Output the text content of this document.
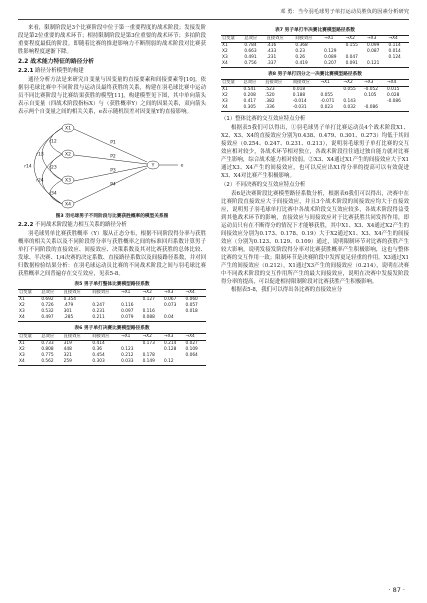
邓 勇：当今羽毛球男子单打运动员胜负的因素分析研究

来看，限制阶段是3个比赛阶段中位于第一重要程度的战术阶段；发接发阶段是第2位重要的战术环节；相持限制阶段是第3位重要的战术环节；多拍阶段重要程度最低的阶段。即随着比赛的推进影响力不断削弱的战术阶段对比赛获胜影响程度逐渐下降。

2.2 战术能力特征的路径分析
2.2.1 路径分析模型的构建

通径分析方法是来研究自变量与因变量的直接要素和间接要素等[10]。依据羽毛球比赛中不同阶段与运动员最终获胜的关系，构建在羽毛球比赛中运动员不同比赛阶段与比赛结果获胜的模型[11]，构建模型见下图，其中单向箭头表示自变量（四战术阶段指标X）与（获胜概率Y）之间的因果关系，双向箭头表示两个自变量之间的相关关系，e表示随机误差对因变量Y的直接影响。

X1
X2
X3
X4
Y
P1
P2
P3
P4
r12
r23
r34
r13
r24
r14	e
图3 羽毛球男子不同阶段与比赛获胜概率的模型关系图
2.2.2 不同战术阶段能力相互关系的路径分析

羽毛球男单比赛获胜概率（Y）服从正态分布，根据不同阶段得分率与获胜概率的相关关系以及不同阶段得分率与获胜概率之间的标准回归系数计算男子单打不同阶段的直接效应、间接效应、决策系数及其对比赛获胜的总体比较、发球、半决赛、1/4决赛的决定系数、直接路径系数以及间接路径系数，并对回归数据检验结果分析：在羽毛球运动员比赛的不同战术阶段之间与羽毛球比赛获胜概率之间普遍存在交互效应，见表5-8。

表5 男子单打整体比赛模型路径系数
自变量	总效应	直接效应	间接效应	→X1	→X2	→X3	→X4
X1	0.692	0.354			0.127	0.067	0.060
X2	0.726	.479	0.247	0.116		0.073	0.057
X3	0.532	301	0.231	0.097	0.116		0.018
X4	0.497	.285	0.211	0.079	0.088	0.04	
表6 男子单打决赛比赛模型路径系数
自变量	总效应	直接效应	间接效应	→X1	→X2	→X3	→X4
X1	0.733	319	0.414		0.173	0.214	0.027
X2	0.808	448	0.36	0.123		0.128	0.109
X3	0.775	321	0.454	0.212	0.178		0.064
X4	0.562	259	0.303	0.033	0.149	0.12	
表7 男子单打半决赛比赛模型路径系数
自变量	总效应	直接效应	间接效应	→X1	→X2	→X3	→X4
X1	0.784	.416	0.368		0.155	0.099	0.114
X2	0.663	.433	0.23	0.129		0.087	0.014
X3	0.491	.231	0.26	0.089	0.047		0.124
X4	0.756	.337	0.419	0.207	0.091	0.121	
表8 男子单打四分之一决赛比赛模型路径系数
自变量	总效应	直接效应	间接效应	→X1	→X2	→X3	→X4
X1	0.541	.523	0.018		0.055	-0.052	0.015
X2	0.208	.520	0.188	0.055		0.105	0.028
X3	0.417	.382	-0.014	-0.071	0.143		-0.086
X4	0.305	.336	-0.031	0.023	0.032	-0.086	
（1）整体比赛的交互效应特点分析

根据表5我们可以得出，①羽毛球男子单打比赛运动员4个战术阶段X1、X2、X3、X4的直接效应分别为0.438、0.479、0.301、0.273）均低于其间接效应（0.254、0.247、0.231、0.213），说明羽毛球男子单打比赛的交互效应相对较少，各战术环节相对独立，各战术阶段往往通过独自能力就对比赛产生影响，综合战术能力相对较弱。②X3、X4通过X1产生的间接效应大于X1通过X3、X4产生的间接效应，也可以反应出X1得分率的提高可以有效促进X3、X4对比赛产生积极影响。

（2）不同决赛的交互效应特点分析

表6是决赛阶段比赛模型路径系数分析，根据表6我们可以得出，决赛中在比赛阶段直接效应大于间接效应，并且3个战术阶段的间接效应均大于直接效应，说明男子羽毛球单打比赛中各战术阶段交互效应较多，各战术阶段得益受到其他战术环节的影响，直接效应与间接效应对于比赛获胜共同发挥作用，即运动员只有在不断得分的情况下才能够获胜，其中X1、X3、X4通过X2产生的间接效应分别为0.173、0.178、0.19）大于X2通过X1、X3、X4产生的间接效应（分别为0.123、0.129、0.109）通过，说明限制环节对比赛的获胜产生较大影响，说明发接发阶段得分率对比赛获胜概率产生积极影响，这也与整体比赛的交互作用一致；限制环节是决赛阶段中发挥更足轻重的作用。X3通过X1产生的间接效应（0.212），X1通过X3产生的间接效应（0.214），说明在决赛中不同战术阶段的交互作用所产生的最大间接效应，说明在决赛中发接发阶段得分率的提高，可以促进相持限制阶段对比赛获胜产生积极影响。

根据表5-8，我们可以得出各比赛的直接效应分

· 87 ·
